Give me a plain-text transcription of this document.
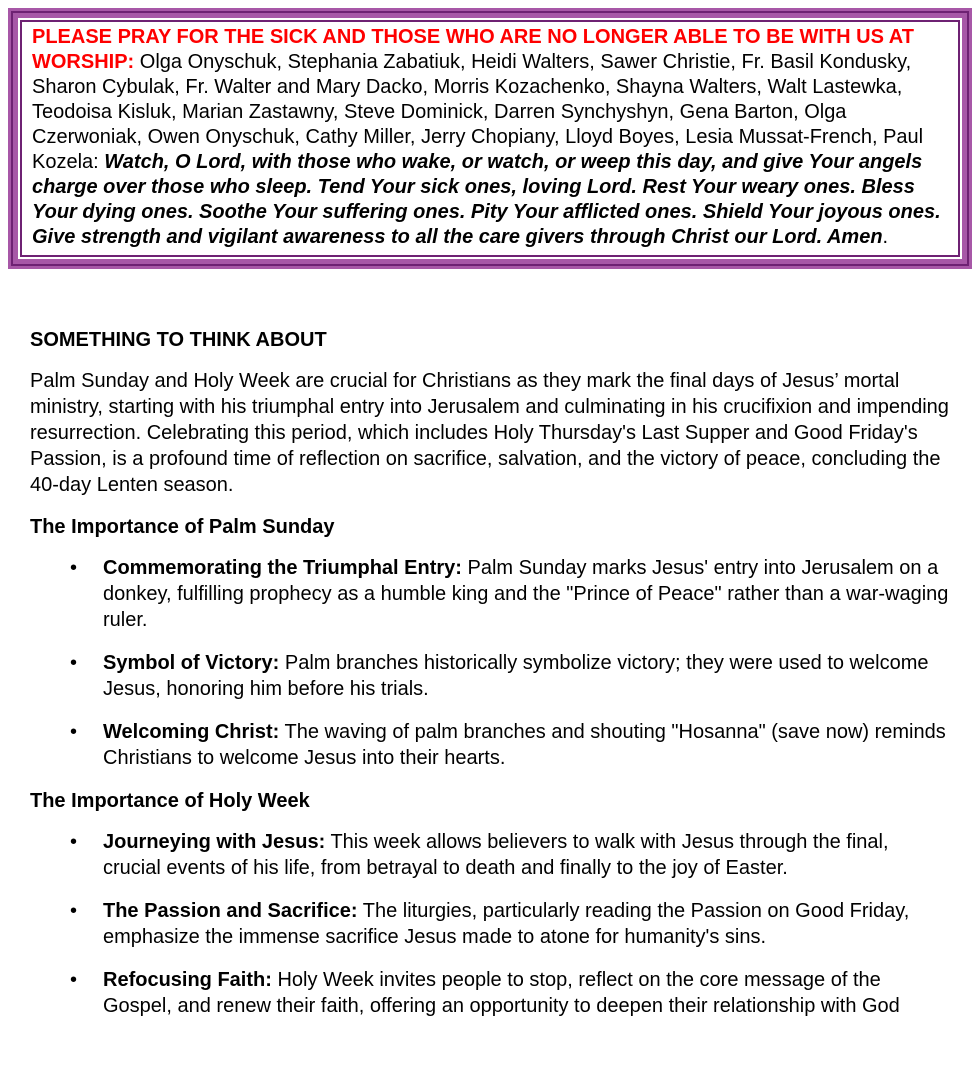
PLEASE PRAY FOR THE SICK AND THOSE WHO ARE NO LONGER ABLE TO BE WITH US AT WORSHIP: Olga Onyschuk, Stephania Zabatiuk, Heidi Walters, Sawer Christie, Fr. Basil Kondusky, Sharon Cybulak, Fr. Walter and Mary Dacko, Morris Kozachenko, Shayna Walters, Walt Lastewka, Teodoisa Kisluk, Marian Zastawny, Steve Dominick, Darren Synchyshyn, Gena Barton, Olga Czerwoniak, Owen Onyschuk, Cathy Miller, Jerry Chopiany, Lloyd Boyes, Lesia Mussat-French, Paul Kozela: Watch, O Lord, with those who wake, or watch, or weep this day, and give Your angels charge over those who sleep. Tend Your sick ones, loving Lord. Rest Your weary ones. Bless Your dying ones. Soothe Your suffering ones. Pity Your afflicted ones. Shield Your joyous ones. Give strength and vigilant awareness to all the care givers through Christ our Lord. Amen.

SOMETHING TO THINK ABOUT

Palm Sunday and Holy Week are crucial for Christians as they mark the final days of Jesus’ mortal ministry, starting with his triumphal entry into Jerusalem and culminating in his crucifixion and impending resurrection. Celebrating this period, which includes Holy Thursday's Last Supper and Good Friday's Passion, is a profound time of reflection on sacrifice, salvation, and the victory of peace, concluding the 40-day Lenten season.

The Importance of Palm Sunday
• Commemorating the Triumphal Entry: Palm Sunday marks Jesus' entry into Jerusalem on a donkey, fulfilling prophecy as a humble king and the "Prince of Peace" rather than a war-waging ruler.
• Symbol of Victory: Palm branches historically symbolize victory; they were used to welcome Jesus, honoring him before his trials.
• Welcoming Christ: The waving of palm branches and shouting "Hosanna" (save now) reminds Christians to welcome Jesus into their hearts.
The Importance of Holy Week
• Journeying with Jesus: This week allows believers to walk with Jesus through the final, crucial events of his life, from betrayal to death and finally to the joy of Easter.
• The Passion and Sacrifice: The liturgies, particularly reading the Passion on Good Friday, emphasize the immense sacrifice Jesus made to atone for humanity's sins.
• Refocusing Faith: Holy Week invites people to stop, reflect on the core message of the Gospel, and renew their faith, offering an opportunity to deepen their relationship with God
